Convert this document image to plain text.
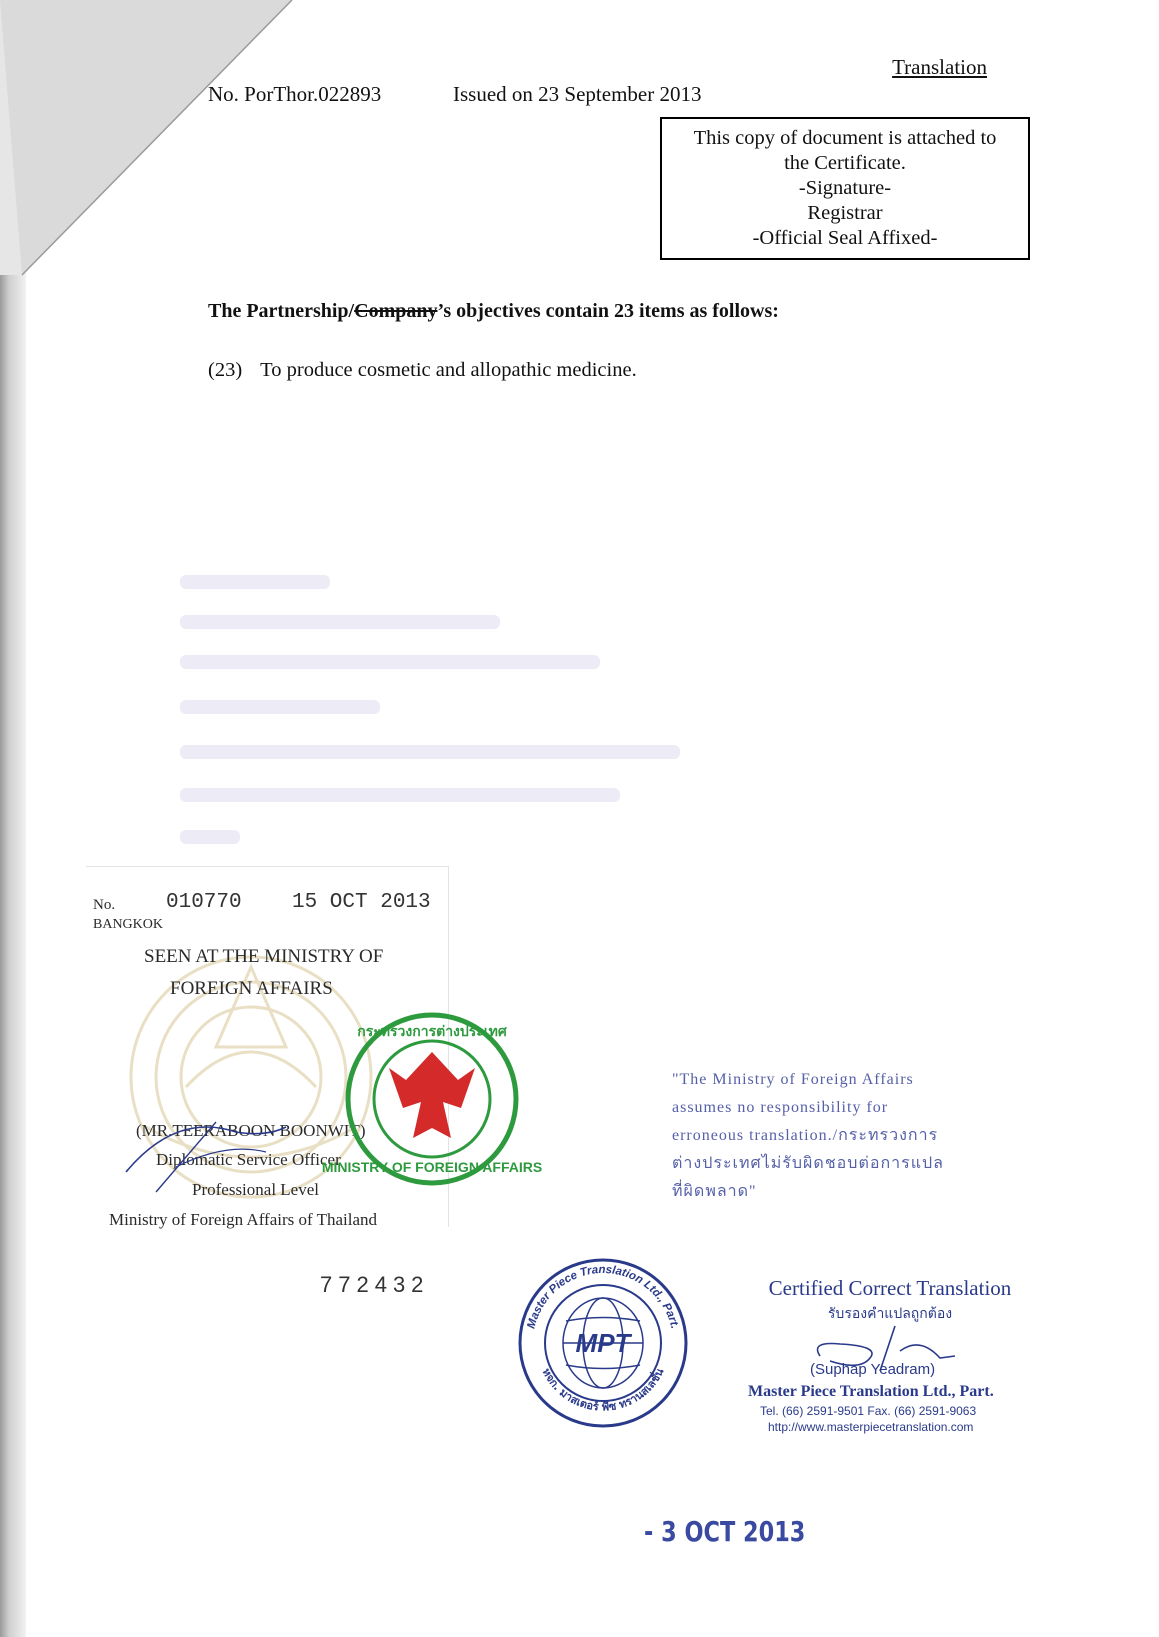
Translation
No. PorThor.022893	Issued on 23 September 2013
This copy of document is attached to
the Certificate.
-Signature-
Registrar
-Official Seal Affixed-
The Partnership/Company’s objectives contain 23 items as follows:
(23) To produce cosmetic and allopathic medicine.
No. 010770 15 OCT 2013
BANGKOK
SEEN AT THE MINISTRY OF
FOREIGN AFFAIRS
(MR.TEERABOON BOONWIT)
Diplomatic Service Officer
Professional Level
Ministry of Foreign Affairs of Thailand
MINISTRY OF FOREIGN AFFAIRS
กระทรวงการต่างประเทศ
772432
"The Ministry of Foreign Affairs
assumes no responsibility for
erroneous translation./กระทรวงการ
ต่างประเทศไม่รับผิดชอบต่อการแปล
ที่ผิดพลาด"
MPT
Master Piece Translation Ltd., Part.
หจก. มาสเตอร์ พีซ ทรานสเลชั่น
Certified Correct Translation
รับรองคำแปลถูกต้อง
(Suphap Yeadram)
Master Piece Translation Ltd., Part.
Tel. (66) 2591-9501 Fax. (66) 2591-9063
http://www.masterpiecetranslation.com
- 3 OCT 2013
